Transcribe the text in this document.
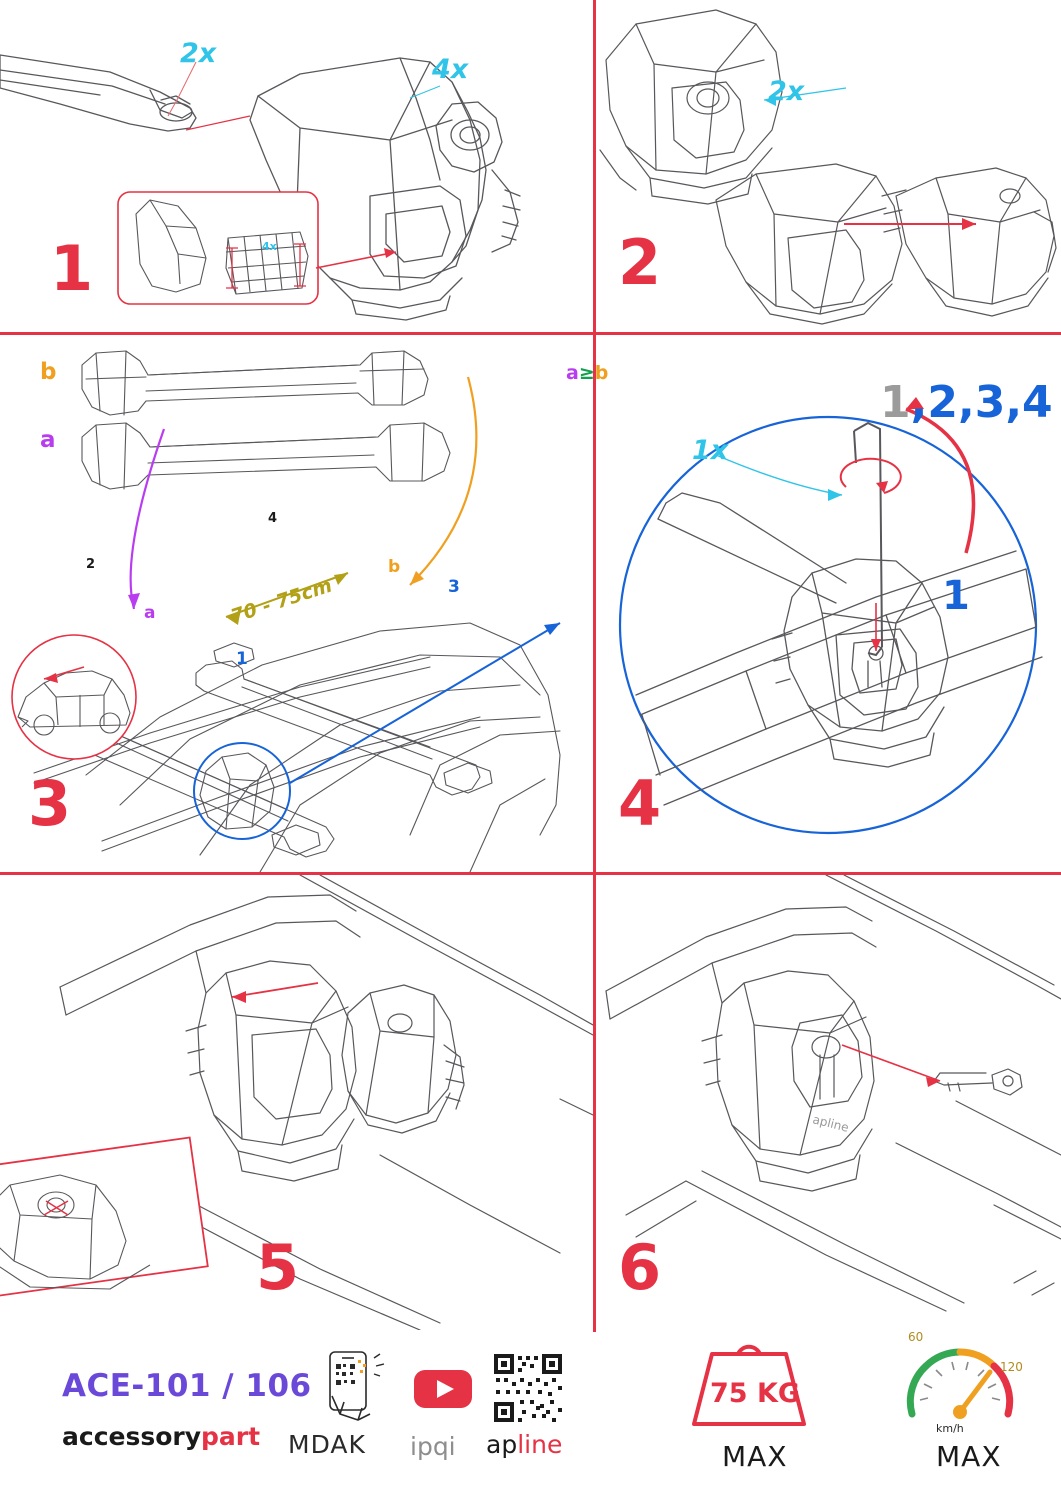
2x
4x
4x
1
2x
2
b
a
a
b
70 - 75cm
1
2
3
4
3
a≥b
1x
1,2,3,4
1
4
5
apline
6
ACE-101 / 106
accessorypart MDAK ipqi apline
75 KG
MAX
60
120
km/h
MAX
